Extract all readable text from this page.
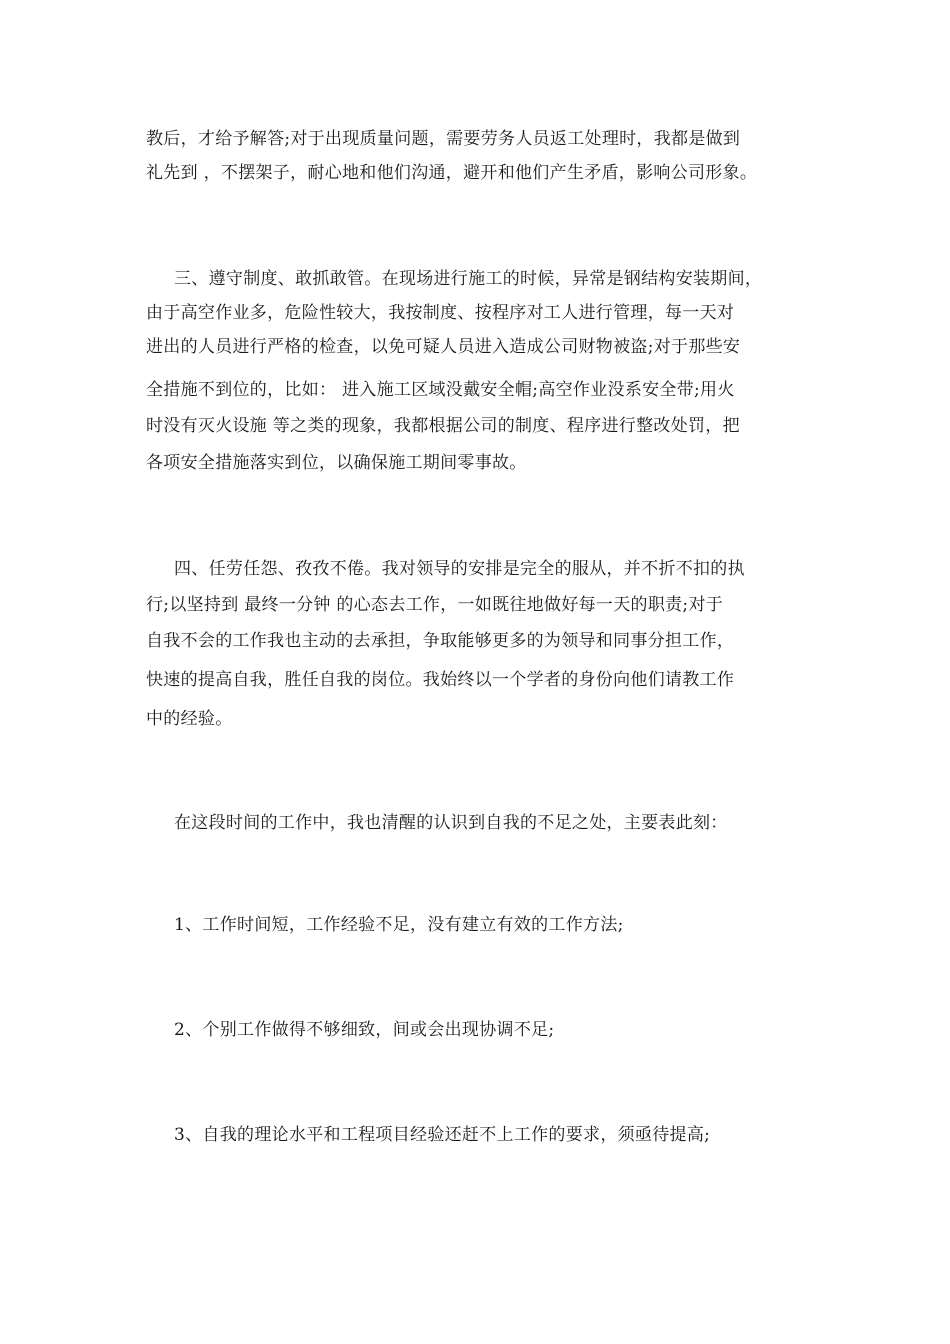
教后，才给予解答;对于出现质量问题，需要劳务人员返工处理时，我都是做到
礼先到 ，不摆架子，耐心地和他们沟通，避开和他们产生矛盾，影响公司形象。
三、遵守制度、敢抓敢管。在现场进行施工的时候，异常是钢结构安装期间，
由于高空作业多，危险性较大，我按制度、按程序对工人进行管理，每一天对
进出的人员进行严格的检查，以免可疑人员进入造成公司财物被盗;对于那些安
全措施不到位的，比如： 进入施工区域没戴安全帽;高空作业没系安全带;用火
时没有灭火设施 等之类的现象，我都根据公司的制度、程序进行整改处罚，把
各项安全措施落实到位，以确保施工期间零事故。
四、任劳任怨、孜孜不倦。我对领导的安排是完全的服从，并不折不扣的执
行;以坚持到 最终一分钟 的心态去工作，一如既往地做好每一天的职责;对于
自我不会的工作我也主动的去承担，争取能够更多的为领导和同事分担工作，
快速的提高自我，胜任自我的岗位。我始终以一个学者的身份向他们请教工作
中的经验。
在这段时间的工作中，我也清醒的认识到自我的不足之处，主要表此刻：
1、工作时间短，工作经验不足，没有建立有效的工作方法;
2、个别工作做得不够细致，间或会出现协调不足;
3、自我的理论水平和工程项目经验还赶不上工作的要求，须亟待提高;
